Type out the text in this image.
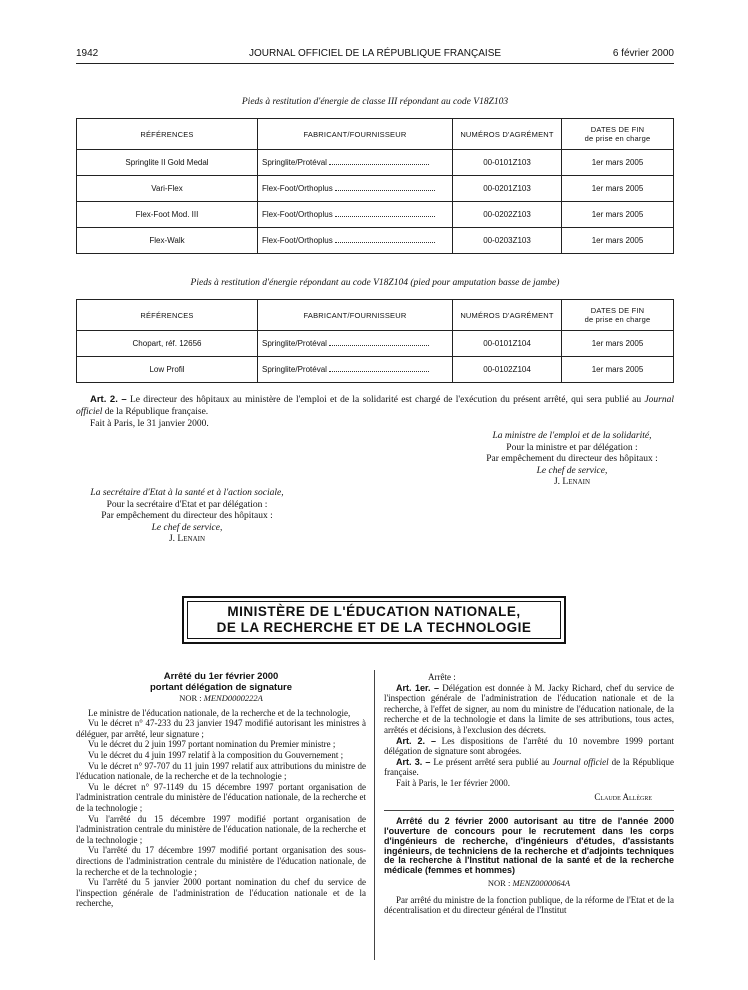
1942	JOURNAL OFFICIEL DE LA RÉPUBLIQUE FRANÇAISE	6 février 2000
Pieds à restitution d'énergie de classe III répondant au code V18Z103
RÉFÉRENCES	FABRICANT/FOURNISSEUR	NUMÉROS D'AGRÉMENT	DATES DE FIN
de prise en charge
Springlite II Gold Medal	Springlite/Protéval	00-0101Z103	1er mars 2005
Vari-Flex	Flex-Foot/Orthoplus	00-0201Z103	1er mars 2005
Flex-Foot Mod. III	Flex-Foot/Orthoplus	00-0202Z103	1er mars 2005
Flex-Walk	Flex-Foot/Orthoplus	00-0203Z103	1er mars 2005
Pieds à restitution d'énergie répondant au code V18Z104 (pied pour amputation basse de jambe)
RÉFÉRENCES	FABRICANT/FOURNISSEUR	NUMÉROS D'AGRÉMENT	DATES DE FIN
de prise en charge
Chopart, réf. 12656	Springlite/Protéval	00-0101Z104	1er mars 2005
Low Profil	Springlite/Protéval	00-0102Z104	1er mars 2005
Art. 2. – Le directeur des hôpitaux au ministère de l'emploi et de la solidarité est chargé de l'exécution du présent arrêté, qui sera publié au Journal officiel de la République française.
Fait à Paris, le 31 janvier 2000.
La ministre de l'emploi et de la solidarité,
Pour la ministre et par délégation :
Par empêchement du directeur des hôpitaux :
Le chef de service,
J. Lenain
La secrétaire d'Etat à la santé et à l'action sociale,
Pour la secrétaire d'Etat et par délégation :
Par empêchement du directeur des hôpitaux :
Le chef de service,
J. Lenain
MINISTÈRE DE L'ÉDUCATION NATIONALE,
DE LA RECHERCHE ET DE LA TECHNOLOGIE

Arrêté du 1er février 2000

portant délégation de signature

NOR : MEND0000222A

Le ministre de l'éducation nationale, de la recherche et de la technologie,

Vu le décret n° 47-233 du 23 janvier 1947 modifié autorisant les ministres à déléguer, par arrêté, leur signature ;

Vu le décret du 2 juin 1997 portant nomination du Premier ministre ;

Vu le décret du 4 juin 1997 relatif à la composition du Gouvernement ;

Vu le décret n° 97-707 du 11 juin 1997 relatif aux attributions du ministre de l'éducation nationale, de la recherche et de la technologie ;

Vu le décret n° 97-1149 du 15 décembre 1997 portant organisation de l'administration centrale du ministère de l'éducation nationale, de la recherche et de la technologie ;

Vu l'arrêté du 15 décembre 1997 modifié portant organisation de l'administration centrale du ministère de l'éducation nationale, de la recherche et de la technologie ;

Vu l'arrêté du 17 décembre 1997 modifié portant organisation des sous-directions de l'administration centrale du ministère de l'éducation nationale, de la recherche et de la technologie ;

Vu l'arrêté du 5 janvier 2000 portant nomination du chef du service de l'inspection générale de l'administration de l'éducation nationale et de la recherche,

Arrête :

Art. 1er. – Délégation est donnée à M. Jacky Richard, chef du service de l'inspection générale de l'administration de l'éducation nationale et de la recherche, à l'effet de signer, au nom du ministre de l'éducation nationale, de la recherche et de la technologie et dans la limite de ses attributions, tous actes, arrêtés et décisions, à l'exclusion des décrets.

Art. 2. – Les dispositions de l'arrêté du 10 novembre 1999 portant délégation de signature sont abrogées.

Art. 3. – Le présent arrêté sera publié au Journal officiel de la République française.

Fait à Paris, le 1er février 2000.

Claude Allègre

Arrêté du 2 février 2000 autorisant au titre de l'année 2000 l'ouverture de concours pour le recrutement dans les corps d'ingénieurs de recherche, d'ingénieurs d'études, d'assistants ingénieurs, de techniciens de la recherche et d'adjoints techniques de la recherche à l'Institut national de la santé et de la recherche médicale (femmes et hommes)

NOR : MENZ0000064A

Par arrêté du ministre de la fonction publique, de la réforme de l'Etat et de la décentralisation et du directeur général de l'Institut
